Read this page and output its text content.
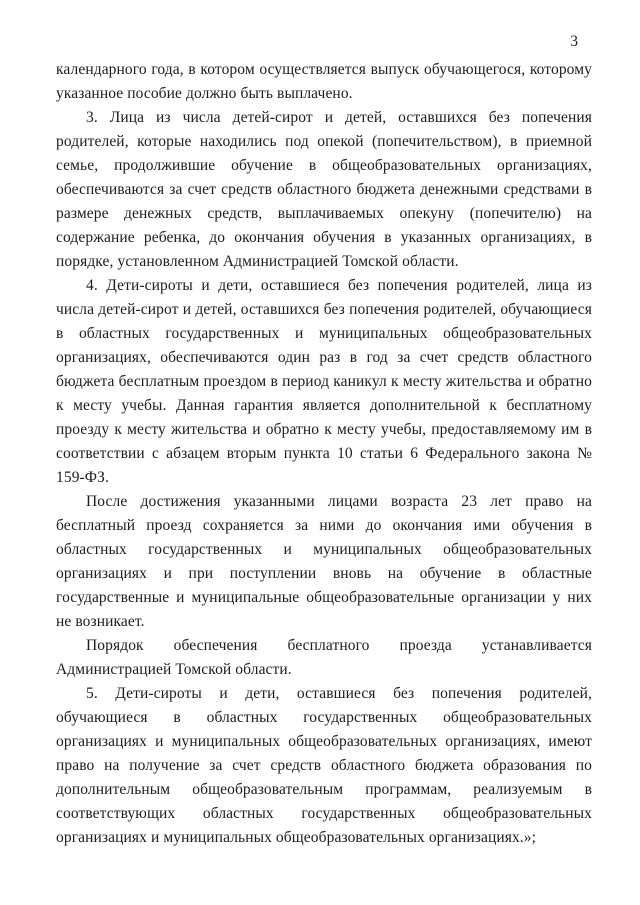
3

календарного года, в котором осуществляется выпуск обучающегося, которому указанное пособие должно быть выплачено.

3. Лица из числа детей-сирот и детей, оставшихся без попечения родителей, которые находились под опекой (попечительством), в приемной семье, продолжившие обучение в общеобразовательных организациях, обеспечиваются за счет средств областного бюджета денежными средствами в размере денежных средств, выплачиваемых опекуну (попечителю) на содержание ребенка, до окончания обучения в указанных организациях, в порядке, установленном Администрацией Томской области.

4. Дети-сироты и дети, оставшиеся без попечения родителей, лица из числа детей-сирот и детей, оставшихся без попечения родителей, обучающиеся в областных государственных и муниципальных общеобразовательных организациях, обеспечиваются один раз в год за счет средств областного бюджета бесплатным проездом в период каникул к месту жительства и обратно к месту учебы. Данная гарантия является дополнительной к бесплатному проезду к месту жительства и обратно к месту учебы, предоставляемому им в соответствии с абзацем вторым пункта 10 статьи 6 Федерального закона № 159-ФЗ.

После достижения указанными лицами возраста 23 лет право на бесплатный проезд сохраняется за ними до окончания ими обучения в областных государственных и муниципальных общеобразовательных организациях и при поступлении вновь на обучение в областные государственные и муниципальные общеобразовательные организации у них не возникает.

Порядок обеспечения бесплатного проезда устанавливается Администрацией Томской области.

5. Дети-сироты и дети, оставшиеся без попечения родителей, обучающиеся в областных государственных общеобразовательных организациях и муниципальных общеобразовательных организациях, имеют право на получение за счет средств областного бюджета образования по дополнительным общеобразовательным программам, реализуемым в соответствующих областных государственных общеобразовательных организациях и муниципальных общеобразовательных организациях.»;
